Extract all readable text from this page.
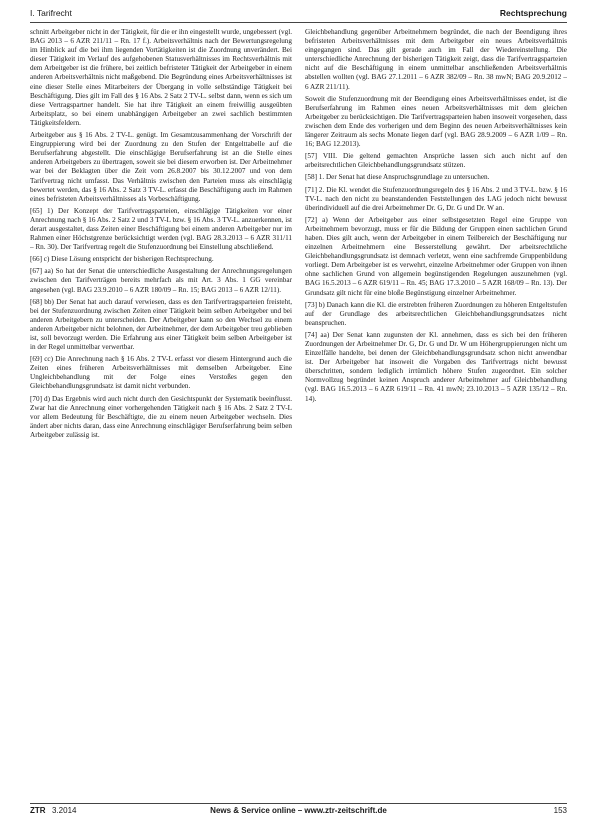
I. Tarifrecht	Rechtsprechung

schnitt Arbeitgeber nicht in der Tätigkeit, für die er ihn eingestellt wurde, ungebessert (vgl. BAG 2013 – 6 AZR 211/11 – Rn. 17 f.). Arbeitsverhältnis nach der Bewertungsregelung im Hinblick auf die bei ihm liegenden Vortätigkeiten ist die Zuordnung unverändert. Bei dieser Tätigkeit im Verlauf des aufgehobenen Statusverhältnisses im Rechtsverhältnis mit dem Arbeitgeber ist die frühere, bei zeitlich befristeter Tätigkeit der Arbeitgeber in einem anderen Arbeitsverhältnis nicht maßgebend. Die Begründung eines Arbeitsverhältnisses ist eine dieser Stelle eines Mitarbeiters der Übergang in volle selbständige Tätigkeit bei Beschäftigung. Dies gilt im Fall des § 16 Abs. 2 Satz 2 TV-L. selbst dann, wenn es sich um diese Vertragspartner handelt. Sie hat ihre Tätigkeit an einem freiwillig ausgeübten Arbeitsplatz, so bei einem unabhängigen Arbeitgeber an zwei sachlich bestimmten Tätigkeitsfeldern.

Arbeitgeber aus § 16 Abs. 2 TV-L. genügt. Im Gesamtzusammenhang der Vorschrift der Eingruppierung wird bei der Zuordnung zu den Stufen der Entgelttabelle auf die Berufserfahrung abgestellt. Die einschlägige Berufserfahrung ist an die Stelle eines anderen Arbeitgebers zu übertragen, soweit sie bei diesem erworben ist. Der Arbeitnehmer war bei der Beklagten über die Zeit vom 26.8.2007 bis 30.12.2007 und von dem Tarifvertrag nicht umfasst. Das Verhältnis zwischen den Parteien muss als einschlägig bewertet werden, das § 16 Abs. 2 Satz 3 TV-L. erfasst die Beschäftigung auch im Rahmen eines befristeten Arbeitsverhältnisses als Vorbeschäftigung.

[65] 1) Der Konzept der Tarifvertragsparteien, einschlägige Tätigkeiten vor einer Anrechnung nach § 16 Abs. 2 Satz 2 und 3 TV-L bzw. § 16 Abs. 3 TV-L. anzuerkennen, ist derart ausgestaltet, dass Zeiten einer Beschäftigung bei einem anderen Arbeitgeber nur im Rahmen einer Höchstgrenze berücksichtigt werden (vgl. BAG 28.3.2013 – 6 AZR 311/11 – Rn. 30). Der Tarifvertrag regelt die Stufenzuordnung bei Einstellung abschließend.

[66] c) Diese Lösung entspricht der bisherigen Rechtsprechung.

[67] aa) So hat der Senat die unterschiedliche Ausgestaltung der Anrechnungsregelungen zwischen den Tarifverträgen bereits mehrfach als mit Art. 3 Abs. 1 GG vereinbar angesehen (vgl. BAG 23.9.2010 – 6 AZR 180/09 – Rn. 15; BAG 2013 – 6 AZR 12/11).

[68] bb) Der Senat hat auch darauf verwiesen, dass es den Tarifvertragsparteien freisteht, bei der Stufenzuordnung zwischen Zeiten einer Tätigkeit beim selben Arbeitgeber und bei anderen Arbeitgebern zu unterscheiden. Der Arbeitgeber kann so den Wechsel zu einem anderen Arbeitgeber nicht belohnen, der Arbeitnehmer, der dem Arbeitgeber treu geblieben ist, soll bevorzugt werden. Die Erfahrung aus einer Tätigkeit beim selben Arbeitgeber ist in der Regel unmittelbar verwertbar.

[69] cc) Die Anrechnung nach § 16 Abs. 2 TV-L erfasst vor diesem Hintergrund auch die Zeiten eines früheren Arbeitsverhältnisses mit demselben Arbeitgeber. Eine Ungleichbehandlung mit der Folge eines Verstoßes gegen den Gleichbehandlungsgrundsatz ist damit nicht verbunden.

[70] d) Das Ergebnis wird auch nicht durch den Gesichtspunkt der Systematik beeinflusst. Zwar hat die Anrechnung einer vorhergehenden Tätigkeit nach § 16 Abs. 2 Satz 2 TV-L vor allem Bedeutung für Beschäftigte, die zu einem neuen Arbeitgeber wechseln. Dies ändert aber nichts daran, dass eine Anrechnung einschlägiger Berufserfahrung beim selben Arbeitgeber zulässig ist.

Gleichbehandlung gegenüber Arbeitnehmern begründet, die nach der Beendigung ihres befristeten Arbeitsverhältnisses mit dem Arbeitgeber ein neues Arbeitsverhältnis eingegangen sind. Das gilt gerade auch im Fall der Wiedereinstellung. Die unterschiedliche Anrechnung der bisherigen Tätigkeit zeigt, dass die Tarifvertragsparteien nicht auf die Beschäftigung in einem unmittelbar anschließenden Arbeitsverhältnis abstellen wollten (vgl. BAG 27.1.2011 – 6 AZR 382/09 – Rn. 38 mwN; BAG 20.9.2012 – 6 AZR 211/11).

Soweit die Stufenzuordnung mit der Beendigung eines Arbeitsverhältnisses endet, ist die Berufserfahrung im Rahmen eines neuen Arbeitsverhältnisses mit dem gleichen Arbeitgeber zu berücksichtigen. Die Tarifvertragsparteien haben insoweit vorgesehen, dass zwischen dem Ende des vorherigen und dem Beginn des neuen Arbeitsverhältnisses kein längerer Zeitraum als sechs Monate liegen darf (vgl. BAG 28.9.2009 – 6 AZR 1/09 – Rn. 16; BAG 12.2013).

[57] VIII. Die geltend gemachten Ansprüche lassen sich auch nicht auf den arbeitsrechtlichen Gleichbehandlungsgrundsatz stützen.

[58] 1. Der Senat hat diese Anspruchsgrundlage zu untersuchen.

[71] 2. Die Kl. wendet die Stufenzuordnungsregeln des § 16 Abs. 2 und 3 TV-L. bzw. § 16 TV-L. nach den nicht zu beanstandenden Feststellungen des LAG jedoch nicht bewusst überindividuell auf die drei Arbeitnehmer Dr. G, Dr. G und Dr. W an.

[72] a) Wenn der Arbeitgeber aus einer selbstgesetzten Regel eine Gruppe von Arbeitnehmern bevorzugt, muss er für die Bildung der Gruppen einen sachlichen Grund haben. Dies gilt auch, wenn der Arbeitgeber in einem Teilbereich der Beschäftigung nur einzelnen Arbeitnehmern eine Besserstellung gewährt. Der arbeitsrechtliche Gleichbehandlungsgrundsatz ist demnach verletzt, wenn eine sachfremde Gruppenbildung vorliegt. Dem Arbeitgeber ist es verwehrt, einzelne Arbeitnehmer oder Gruppen von ihnen ohne sachlichen Grund von allgemein begünstigenden Regelungen auszunehmen (vgl. BAG 16.5.2013 – 6 AZR 619/11 – Rn. 45; BAG 17.3.2010 – 5 AZR 168/09 – Rn. 13). Der Grundsatz gilt nicht für eine bloße Begünstigung einzelner Arbeitnehmer.

[73] b) Danach kann die Kl. die erstrebten früheren Zuordnungen zu höheren Entgeltstufen auf der Grundlage des arbeitsrechtlichen Gleichbehandlungsgrundsatzes nicht beanspruchen.

[74] aa) Der Senat kann zugunsten der Kl. annehmen, dass es sich bei den früheren Zuordnungen der Arbeitnehmer Dr. G, Dr. G und Dr. W um Höhergruppierungen nicht um Einzelfälle handelte, bei denen der Gleichbehandlungsgrundsatz schon nicht anwendbar ist. Der Arbeitgeber hat insoweit die Vorgaben des Tarifvertrags nicht bewusst überschritten, sondern lediglich irrtümlich höhere Stufen zugeordnet. Ein solcher Normvollzug begründet keinen Anspruch anderer Arbeitnehmer auf Gleichbehandlung (vgl. BAG 16.5.2013 – 6 AZR 619/11 – Rn. 41 mwN; 23.10.2013 – 5 AZR 135/12 – Rn. 14).

ZTR 3.2014	News & Service online – www.ztr-zeitschrift.de	153
